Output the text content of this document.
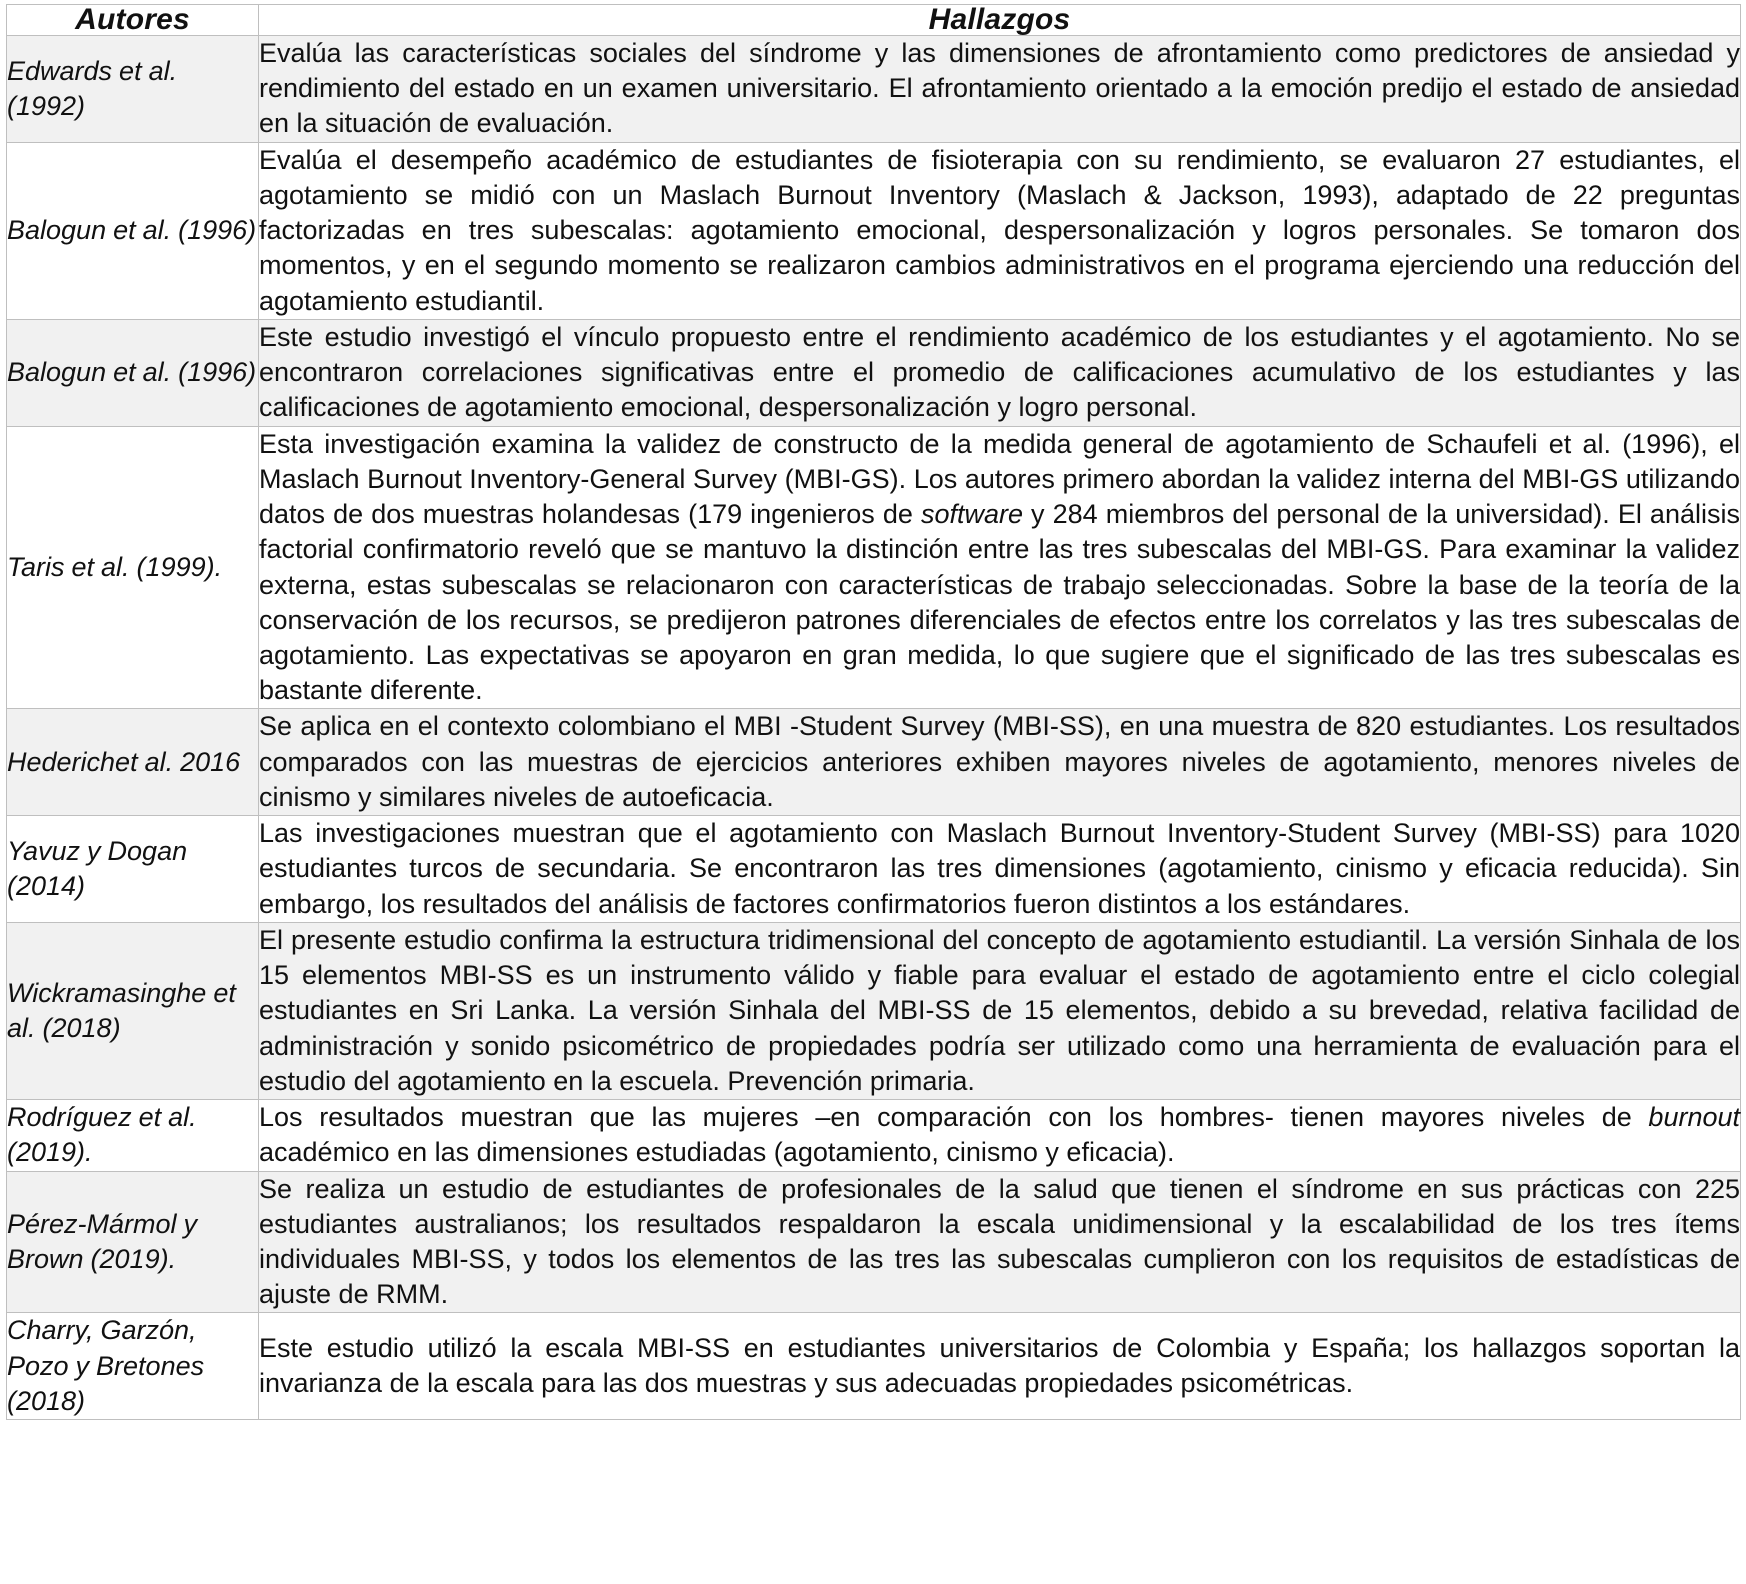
Autores	Hallazgos
Edwards et al. (1992)	Evalúa las características sociales del síndrome y las dimensiones de afrontamiento como predictores de ansiedad y rendimiento del estado en un examen universitario. El afrontamiento orientado a la emoción predijo el estado de ansiedad en la situación de evaluación.
Balogun et al. (1996)	Evalúa el desempeño académico de estudiantes de fisioterapia con su rendimiento, se evaluaron 27 estudiantes, el agotamiento se midió con un Maslach Burnout Inventory (Maslach & Jackson, 1993), adaptado de 22 preguntas factorizadas en tres subescalas: agotamiento emocional, despersonalización y logros personales. Se tomaron dos momentos, y en el segundo momento se realizaron cambios administrativos en el programa ejerciendo una reducción del agotamiento estudiantil.
Balogun et al. (1996)	Este estudio investigó el vínculo propuesto entre el rendimiento académico de los estudiantes y el agotamiento. No se encontraron correlaciones significativas entre el promedio de calificaciones acumulativo de los estudiantes y las calificaciones de agotamiento emocional, despersonalización y logro personal.
Taris et al. (1999).	Esta investigación examina la validez de constructo de la medida general de agotamiento de Schaufeli et al. (1996), el Maslach Burnout Inventory-General Survey (MBI-GS). Los autores primero abordan la validez interna del MBI-GS utilizando datos de dos muestras holandesas (179 ingenieros de software y 284 miembros del personal de la universidad). El análisis factorial confirmatorio reveló que se mantuvo la distinción entre las tres subescalas del MBI-GS. Para examinar la validez externa, estas subescalas se relacionaron con características de trabajo seleccionadas. Sobre la base de la teoría de la conservación de los recursos, se predijeron patrones diferenciales de efectos entre los correlatos y las tres subescalas de agotamiento. Las expectativas se apoyaron en gran medida, lo que sugiere que el significado de las tres subescalas es bastante diferente.

Hederichet al. 2016	Se aplica en el contexto colombiano el MBI -Student Survey (MBI-SS), en una muestra de 820 estudiantes. Los resultados comparados con las muestras de ejercicios anteriores exhiben mayores niveles de agotamiento, menores niveles de cinismo y similares niveles de autoeficacia.
Yavuz y Dogan (2014)	Las investigaciones muestran que el agotamiento con Maslach Burnout Inventory-Student Survey (MBI-SS) para 1020 estudiantes turcos de secundaria. Se encontraron las tres dimensiones (agotamiento, cinismo y eficacia reducida). Sin embargo, los resultados del análisis de factores confirmatorios fueron distintos a los estándares.
Wickramasinghe et al. (2018)	El presente estudio confirma la estructura tridimensional del concepto de agotamiento estudiantil. La versión Sinhala de los 15 elementos MBI-SS es un instrumento válido y fiable para evaluar el estado de agotamiento entre el ciclo colegial estudiantes en Sri Lanka. La versión Sinhala del MBI-SS de 15 elementos, debido a su brevedad, relativa facilidad de administración y sonido psicométrico de propiedades podría ser utilizado como una herramienta de evaluación para el estudio del agotamiento en la escuela. Prevención primaria.
Rodríguez et al. (2019).	Los resultados muestran que las mujeres –en comparación con los hombres- tienen mayores niveles de burnout académico en las dimensiones estudiadas (agotamiento, cinismo y eficacia).

Pérez-Mármol y Brown (2019).	Se realiza un estudio de estudiantes de profesionales de la salud que tienen el síndrome en sus prácticas con 225 estudiantes australianos; los resultados respaldaron la escala unidimensional y la escalabilidad de los tres ítems individuales MBI-SS, y todos los elementos de las tres las subescalas cumplieron con los requisitos de estadísticas de ajuste de RMM.
Charry, Garzón, Pozo y Bretones (2018)	Este estudio utilizó la escala MBI-SS en estudiantes universitarios de Colombia y España; los hallazgos soportan la invarianza de la escala para las dos muestras y sus adecuadas propiedades psicométricas.
